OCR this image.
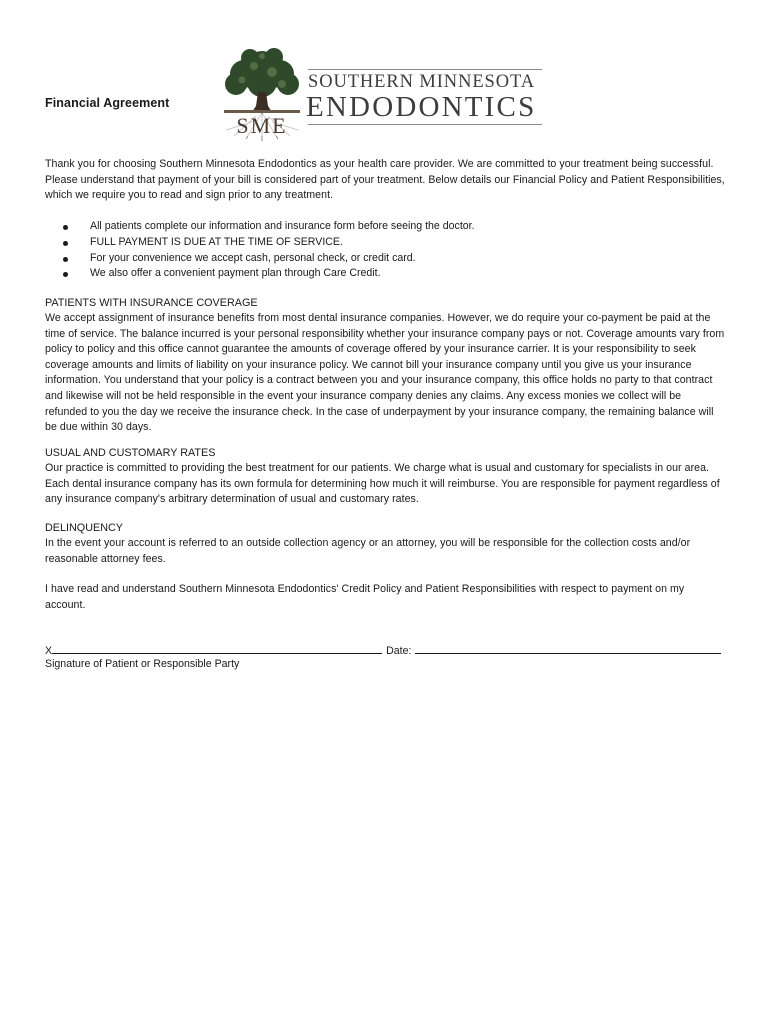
Financial Agreement
SME
SOUTHERN MINNESOTA
ENDODONTICS
Thank you for choosing Southern Minnesota Endodontics as your health care provider. We are committed to your treatment being successful. Please understand that payment of your bill is considered part of your treatment. Below details our Financial Policy and Patient Responsibilities, which we require you to read and sign prior to any treatment.
All patients complete our information and insurance form before seeing the doctor.
FULL PAYMENT IS DUE AT THE TIME OF SERVICE.
For your convenience we accept cash, personal check, or credit card.
We also offer a convenient payment plan through Care Credit.
PATIENTS WITH INSURANCE COVERAGE
We accept assignment of insurance benefits from most dental insurance companies. However, we do require your co-payment be paid at the time of service. The balance incurred is your personal responsibility whether your insurance company pays or not. Coverage amounts vary from policy to policy and this office cannot guarantee the amounts of coverage offered by your insurance carrier. It is your responsibility to seek coverage amounts and limits of liability on your insurance policy. We cannot bill your insurance company until you give us your insurance information. You understand that your policy is a contract between you and your insurance company, this office holds no party to that contract and likewise will not be held responsible in the event your insurance company denies any claims. Any excess monies we collect will be refunded to you the day we receive the insurance check. In the case of underpayment by your insurance company, the remaining balance will be due within 30 days.
USUAL AND CUSTOMARY RATES
Our practice is committed to providing the best treatment for our patients. We charge what is usual and customary for specialists in our area. Each dental insurance company has its own formula for determining how much it will reimburse. You are responsible for payment regardless of any insurance company's arbitrary determination of usual and customary rates.
DELINQUENCY
In the event your account is referred to an outside collection agency or an attorney, you will be responsible for the collection costs and/or reasonable attorney fees.
I have read and understand Southern Minnesota Endodontics' Credit Policy and Patient Responsibilities with respect to payment on my account.
X	Date:
Signature of Patient or Responsible Party
